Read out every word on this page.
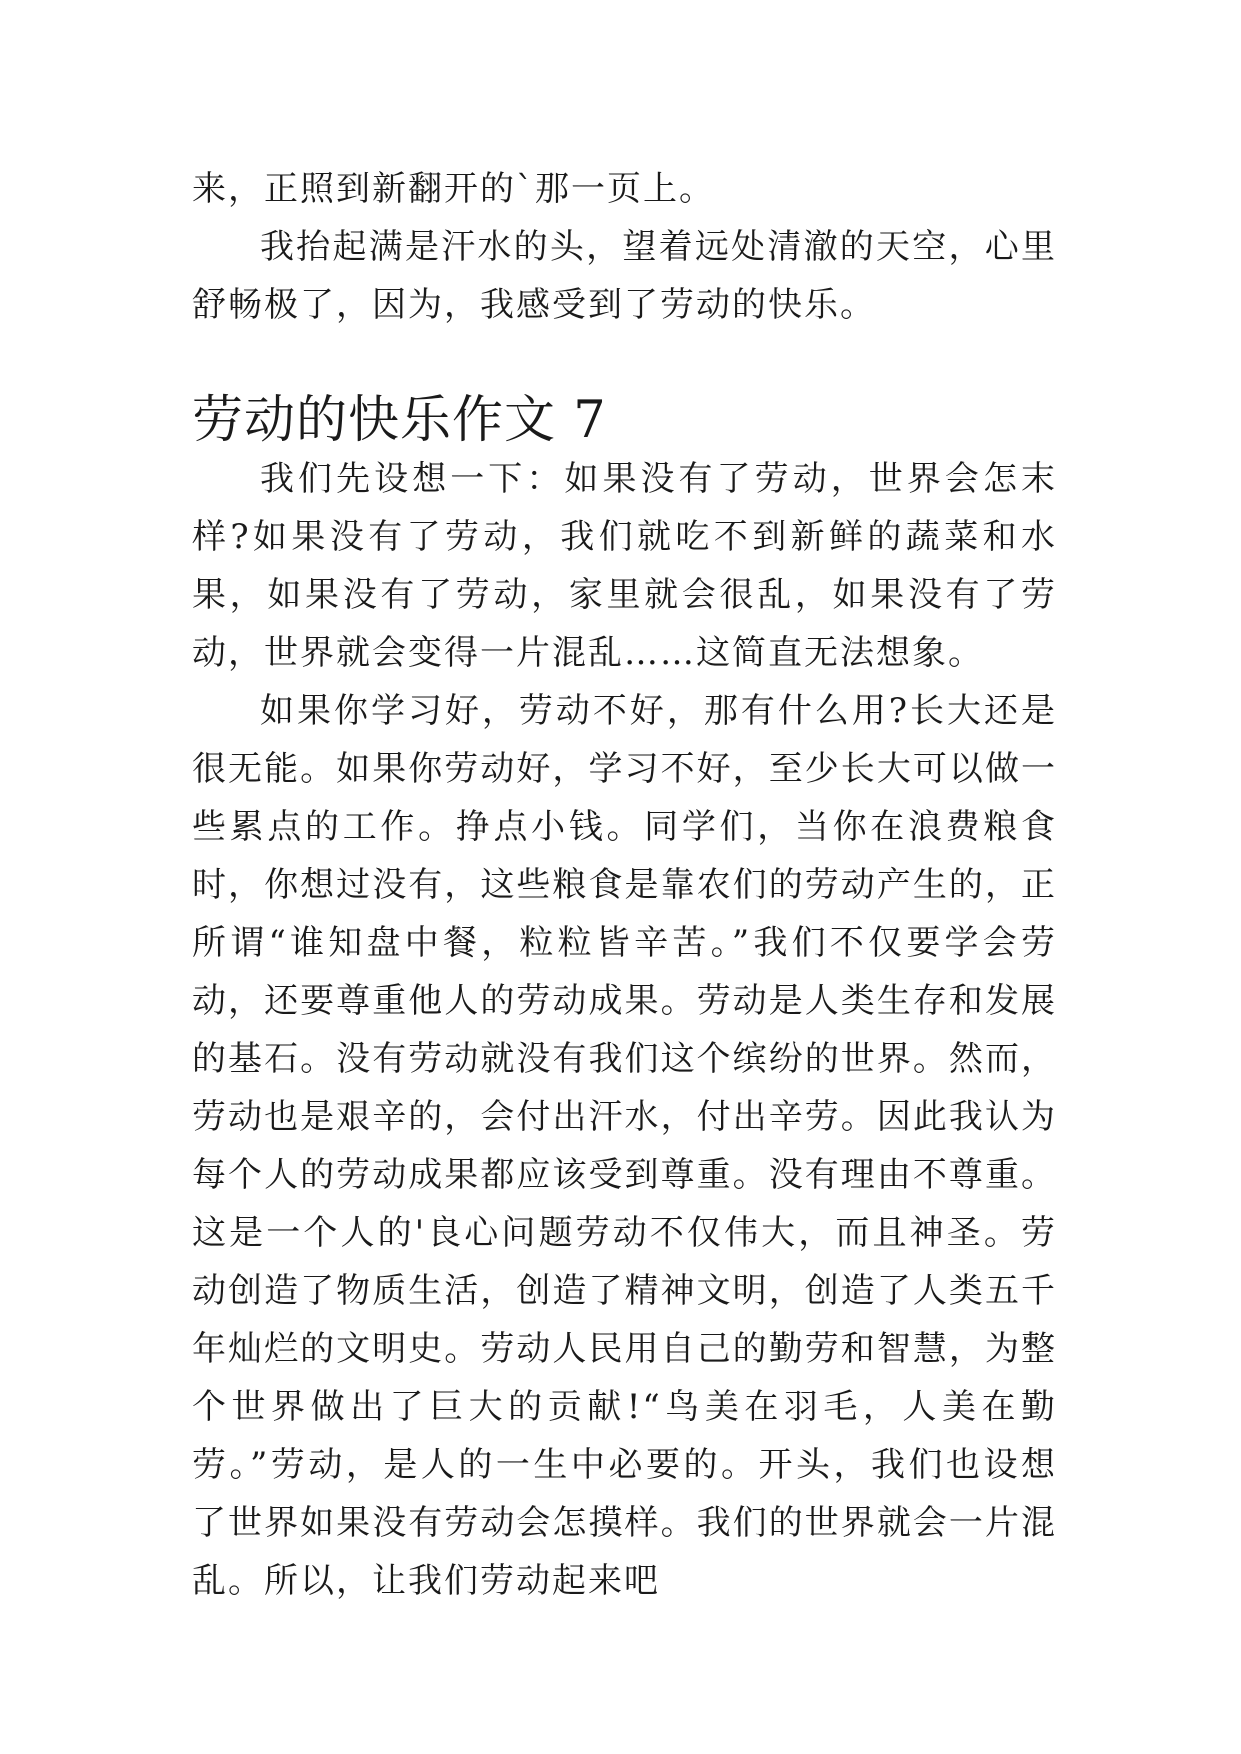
来，正照到新翻开的`那一页上。

我抬起满是汗水的头，望着远处清澈的天空，心里舒畅极了，因为，我感受到了劳动的快乐。

劳动的快乐作文 7

我们先设想一下：如果没有了劳动，世界会怎末样?如果没有了劳动，我们就吃不到新鲜的蔬菜和水果，如果没有了劳动，家里就会很乱，如果没有了劳动，世界就会变得一片混乱……这简直无法想象。

如果你学习好，劳动不好，那有什么用?长大还是很无能。如果你劳动好，学习不好，至少长大可以做一些累点的工作。挣点小钱。同学们，当你在浪费粮食时，你想过没有，这些粮食是靠农们的劳动产生的，正所谓“谁知盘中餐，粒粒皆辛苦。”我们不仅要学会劳动，还要尊重他人的劳动成果。劳动是人类生存和发展的基石。没有劳动就没有我们这个缤纷的世界。然而，劳动也是艰辛的，会付出汗水，付出辛劳。因此我认为每个人的劳动成果都应该受到尊重。没有理由不尊重。这是一个人的'良心问题劳动不仅伟大，而且神圣。劳动创造了物质生活，创造了精神文明，创造了人类五千年灿烂的文明史。劳动人民用自己的勤劳和智慧，为整个世界做出了巨大的贡献!“鸟美在羽毛，人美在勤劳。”劳动，是人的一生中必要的。开头，我们也设想了世界如果没有劳动会怎摸样。我们的世界就会一片混乱。所以，让我们劳动起来吧
